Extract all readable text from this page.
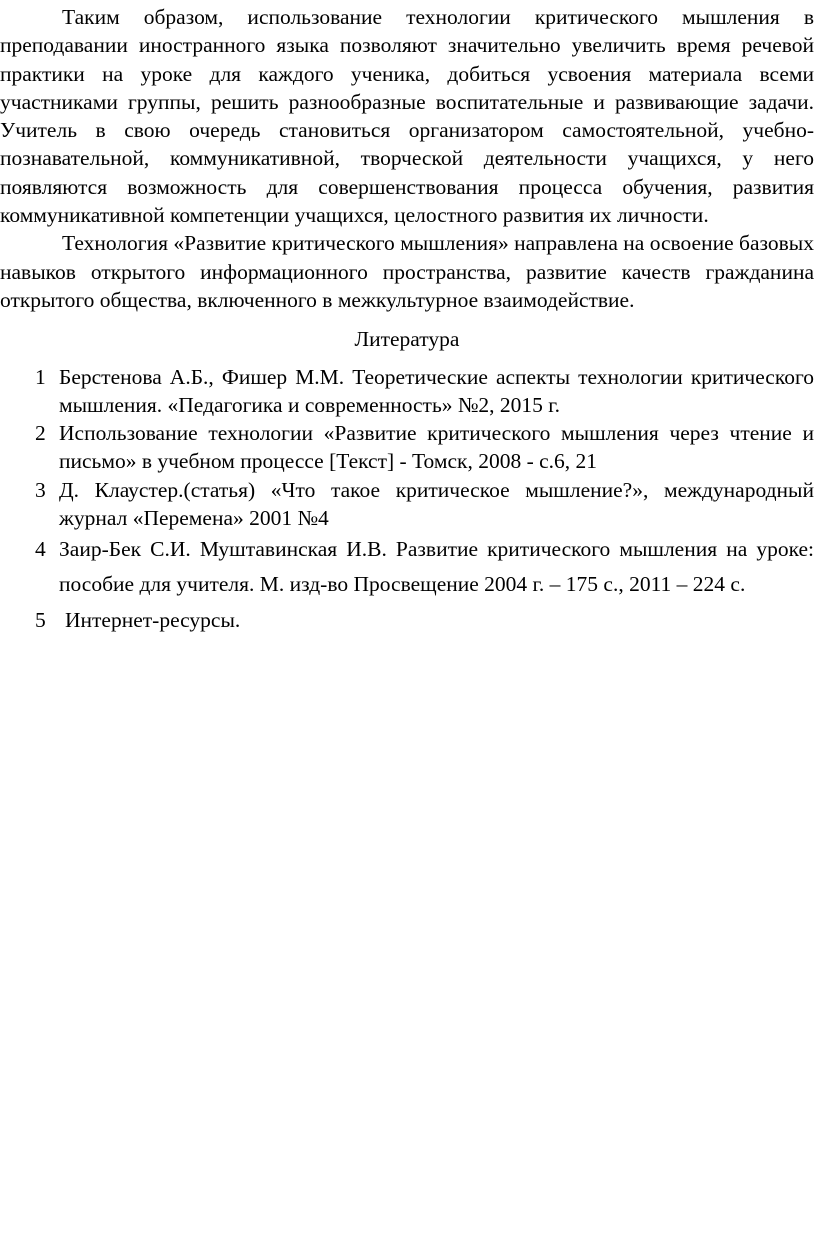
Таким образом, использование технологии критического мышления в преподавании иностранного языка позволяют значительно увеличить время речевой практики на уроке для каждого ученика, добиться усвоения материала всеми участниками группы, решить разнообразные воспитательные и развивающие задачи. Учитель в свою очередь становиться организатором самостоятельной, учебно-познавательной, коммуникативной, творческой деятельности учащихся, у него появляются возможность для совершенствования процесса обучения, развития коммуникативной компетенции учащихся, целостного развития их личности.

Технология «Развитие критического мышления» направлена на освоение базовых навыков открытого информационного пространства, развитие качеств гражданина открытого общества, включенного в межкультурное взаимодействие.

Литература

1 Берстенова А.Б., Фишер М.М. Теоретические аспекты технологии критического мышления. «Педагогика и современность» №2, 2015 г.
2 Использование технологии «Развитие критического мышления через чтение и письмо» в учебном процессе [Текст] - Томск, 2008 - с.6, 21
3 Д. Клаустер.(статья) «Что такое критическое мышление?», международный журнал «Перемена» 2001 №4
4 Заир-Бек С.И. Муштавинская И.В. Развитие критического мышления на уроке: пособие для учителя. М. изд-во Просвещение 2004 г. – 175 с., 2011 – 224 с.
5 Интернет-ресурсы.
